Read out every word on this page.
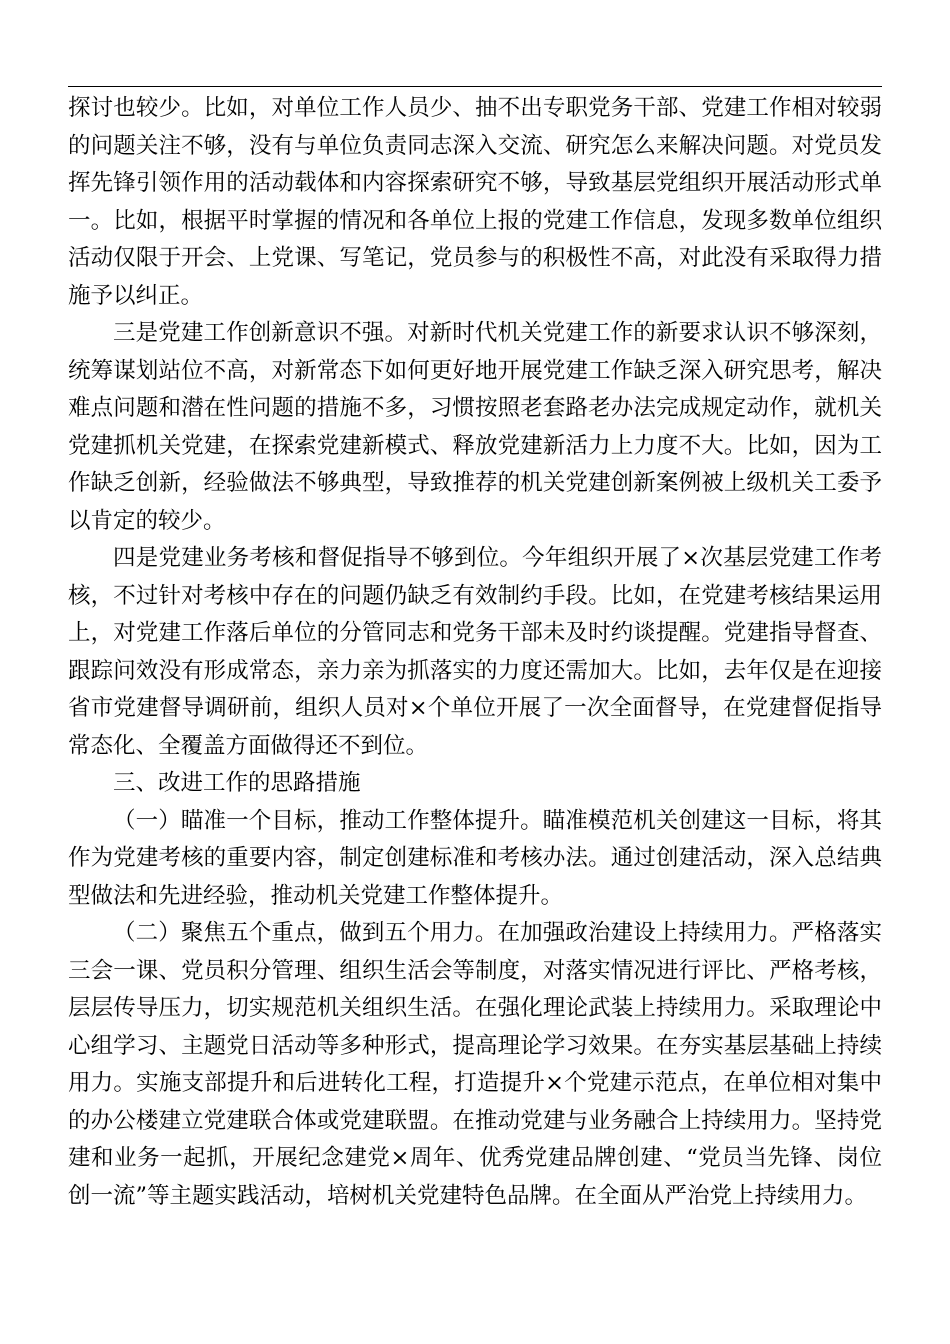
探讨也较少。比如，对单位工作人员少、抽不出专职党务干部、党建工作相对较弱的问题关注不够，没有与单位负责同志深入交流、研究怎么来解决问题。对党员发挥先锋引领作用的活动载体和内容探索研究不够，导致基层党组织开展活动形式单一。比如，根据平时掌握的情况和各单位上报的党建工作信息，发现多数单位组织活动仅限于开会、上党课、写笔记，党员参与的积极性不高，对此没有采取得力措施予以纠正。

三是党建工作创新意识不强。对新时代机关党建工作的新要求认识不够深刻，统筹谋划站位不高，对新常态下如何更好地开展党建工作缺乏深入研究思考，解决难点问题和潜在性问题的措施不多，习惯按照老套路老办法完成规定动作，就机关党建抓机关党建，在探索党建新模式、释放党建新活力上力度不大。比如，因为工作缺乏创新，经验做法不够典型，导致推荐的机关党建创新案例被上级机关工委予以肯定的较少。

四是党建业务考核和督促指导不够到位。今年组织开展了×次基层党建工作考核，不过针对考核中存在的问题仍缺乏有效制约手段。比如，在党建考核结果运用上，对党建工作落后单位的分管同志和党务干部未及时约谈提醒。党建指导督查、跟踪问效没有形成常态，亲力亲为抓落实的力度还需加大。比如，去年仅是在迎接省市党建督导调研前，组织人员对×个单位开展了一次全面督导，在党建督促指导常态化、全覆盖方面做得还不到位。

三、改进工作的思路措施

（一）瞄准一个目标，推动工作整体提升。瞄准模范机关创建这一目标，将其作为党建考核的重要内容，制定创建标准和考核办法。通过创建活动，深入总结典型做法和先进经验，推动机关党建工作整体提升。

（二）聚焦五个重点，做到五个用力。在加强政治建设上持续用力。严格落实三会一课、党员积分管理、组织生活会等制度，对落实情况进行评比、严格考核，层层传导压力，切实规范机关组织生活。在强化理论武装上持续用力。采取理论中心组学习、主题党日活动等多种形式，提高理论学习效果。在夯实基层基础上持续用力。实施支部提升和后进转化工程，打造提升×个党建示范点，在单位相对集中的办公楼建立党建联合体或党建联盟。在推动党建与业务融合上持续用力。坚持党建和业务一起抓，开展纪念建党×周年、优秀党建品牌创建、“党员当先锋、岗位创一流”等主题实践活动，培树机关党建特色品牌。在全面从严治党上持续用力。
